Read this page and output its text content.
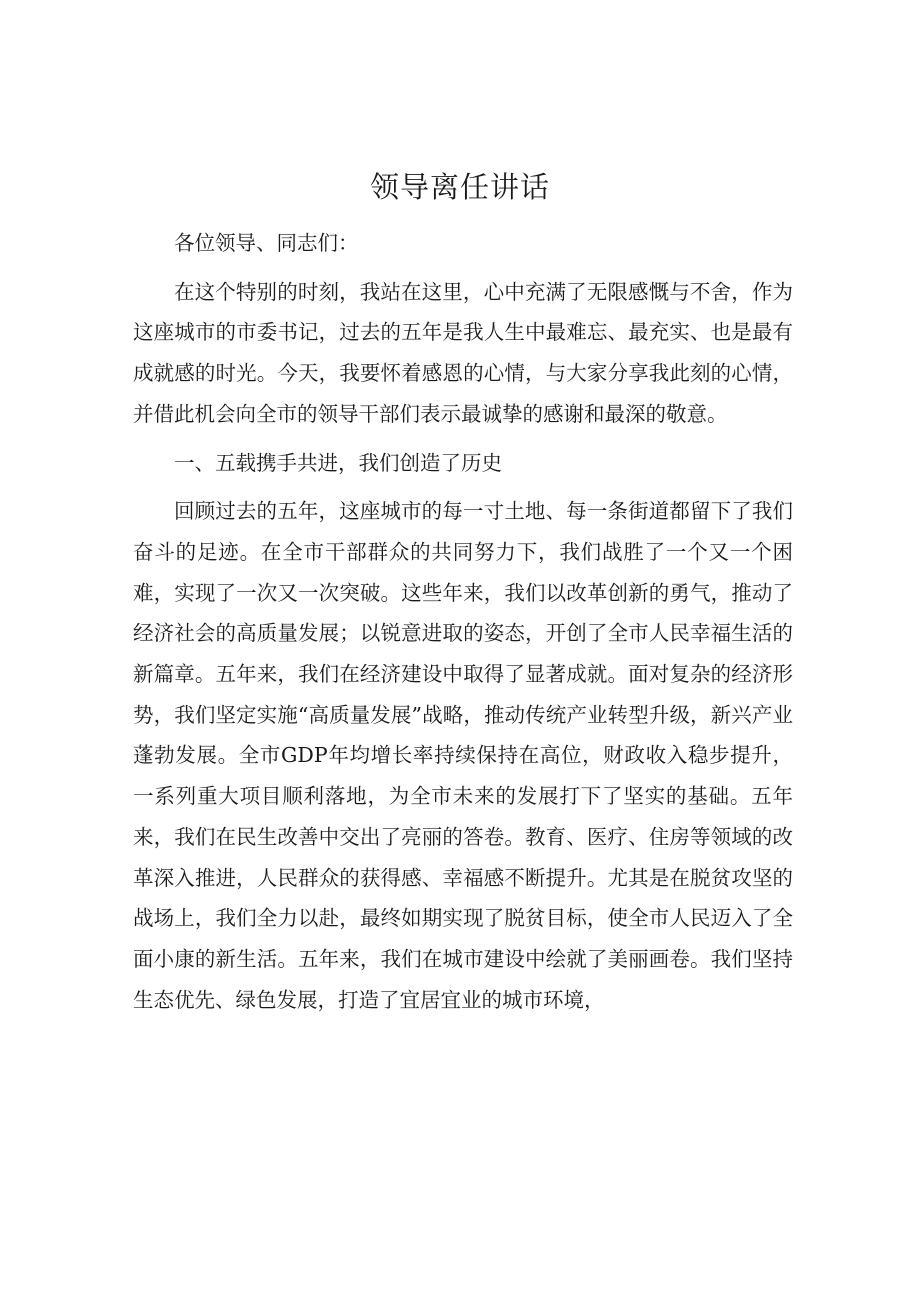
领导离任讲话

各位领导、同志们：

在这个特别的时刻，我站在这里，心中充满了无限感慨与不舍，作为这座城市的市委书记，过去的五年是我人生中最难忘、最充实、也是最有成就感的时光。今天，我要怀着感恩的心情，与大家分享我此刻的心情，并借此机会向全市的领导干部们表示最诚挚的感谢和最深的敬意。

一、五载携手共进，我们创造了历史

回顾过去的五年，这座城市的每一寸土地、每一条街道都留下了我们奋斗的足迹。在全市干部群众的共同努力下，我们战胜了一个又一个困难，实现了一次又一次突破。这些年来，我们以改革创新的勇气，推动了经济社会的高质量发展；以锐意进取的姿态，开创了全市人民幸福生活的新篇章。五年来，我们在经济建设中取得了显著成就。面对复杂的经济形势，我们坚定实施“高质量发展”战略，推动传统产业转型升级，新兴产业蓬勃发展。全市GDP年均增长率持续保持在高位，财政收入稳步提升，一系列重大项目顺利落地，为全市未来的发展打下了坚实的基础。五年来，我们在民生改善中交出了亮丽的答卷。教育、医疗、住房等领域的改革深入推进，人民群众的获得感、幸福感不断提升。尤其是在脱贫攻坚的战场上，我们全力以赴，最终如期实现了脱贫目标，使全市人民迈入了全面小康的新生活。五年来，我们在城市建设中绘就了美丽画卷。我们坚持生态优先、绿色发展，打造了宜居宜业的城市环境，
